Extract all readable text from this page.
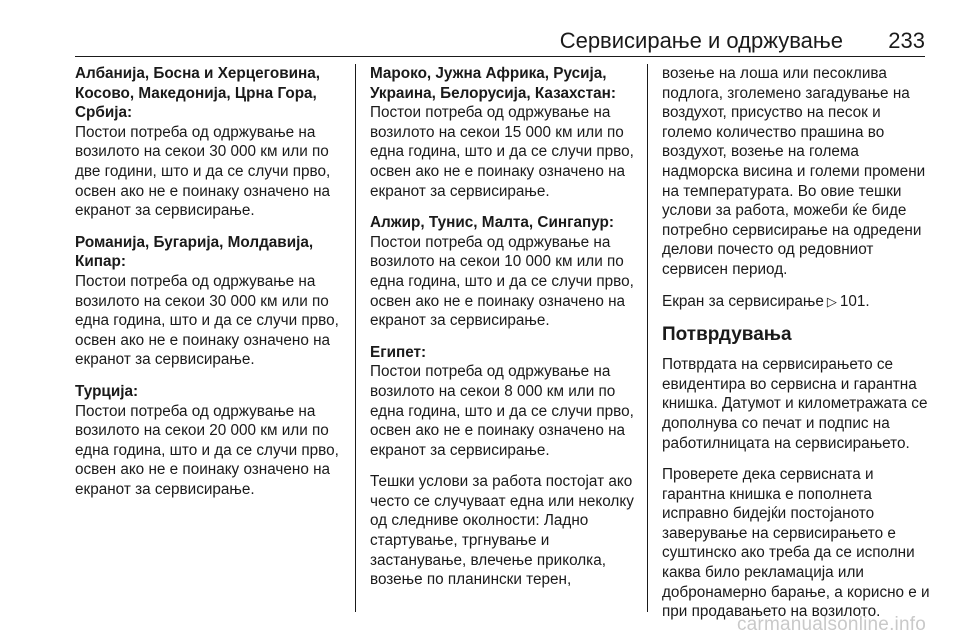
Сервисирање и одржување 233
Албанија, Босна и Херцеговина, Косово, Македонија, Црна Гора, Србија:
Постои потреба од одржување на возилото на секои 30 000 км или по две години, што и да се случи прво, освен ако не е поинаку означено на екранот за сервисирање.
Романија, Бугарија, Молдавија, Кипар:
Постои потреба од одржување на возилото на секои 30 000 км или по една година, што и да се случи прво, освен ако не е поинаку означено на екранот за сервисирање.
Турција:
Постои потреба од одржување на возилото на секои 20 000 км или по една година, што и да се случи прво, освен ако не е поинаку означено на екранот за сервисирање.
Мароко, Јужна Африка, Русија, Украина, Белорусија, Казахстан:
Постои потреба од одржување на возилото на секои 15 000 км или по една година, што и да се случи прво, освен ако не е поинаку означено на екранот за сервисирање.
Алжир, Тунис, Малта, Сингапур:
Постои потреба од одржување на возилото на секои 10 000 км или по една година, што и да се случи прво, освен ако не е поинаку означено на екранот за сервисирање.
Египет:
Постои потреба од одржување на возилото на секои 8 000 км или по една година, што и да се случи прво, освен ако не е поинаку означено на екранот за сервисирање.
Тешки услови за работа постојат ако често се случуваат една или неколку од следниве околности: Ладно стартување, тргнување и застанување, влечење приколка, возење по планински терен,
возење на лоша или песоклива подлога, зголемено загадување на воздухот, присуство на песок и големо количество прашина во воздухот, возење на голема надморска висина и големи промени на температурата. Во овие тешки услови за работа, можеби ќе биде потребно сервисирање на одредени делови почесто од редовниот сервисен период.
Екран за сервисирање ▷ 101.
Потврдувања
Потврдата на сервисирањето се евидентира во сервисна и гарантна книшка. Датумот и километражата се дополнува со печат и подпис на работилницата на сервисирањето.
Проверете дека сервисната и гарантна книшка е пополнета исправно бидејќи постојаното заверување на сервисирањето е суштинско ако треба да се исполни каква било рекламација или добронамерно барање, а корисно е и при продавањето на возилото.
carmanualsonline.info
